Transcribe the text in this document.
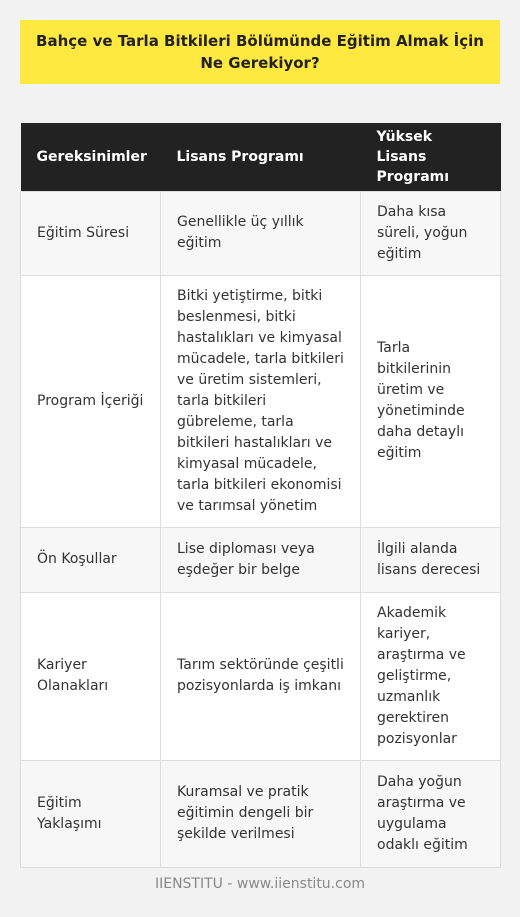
Bahçe ve Tarla Bitkileri Bölümünde Eğitim Almak İçin Ne Gerekiyor?
Gereksinimler	Lisans Programı	Yüksek Lisans Programı
Eğitim Süresi	Genellikle üç yıllık eğitim	Daha kısa süreli, yoğun eğitim
Program İçeriği	Bitki yetiştirme, bitki beslenmesi, bitki hastalıkları ve kimyasal mücadele, tarla bitkileri ve üretim sistemleri, tarla bitkileri gübreleme, tarla bitkileri hastalıkları ve kimyasal mücadele, tarla bitkileri ekonomisi ve tarımsal yönetim	Tarla bitkilerinin üretim ve yönetiminde daha detaylı eğitim
Ön Koşullar	Lise diploması veya eşdeğer bir belge	İlgili alanda lisans derecesi
Kariyer Olanakları	Tarım sektöründe çeşitli pozisyonlarda iş imkanı	Akademik kariyer, araştırma ve geliştirme, uzmanlık gerektiren pozisyonlar
Eğitim Yaklaşımı	Kuramsal ve pratik eğitimin dengeli bir şekilde verilmesi	Daha yoğun araştırma ve uygulama odaklı eğitim
IIENSTITU - www.iienstitu.com
